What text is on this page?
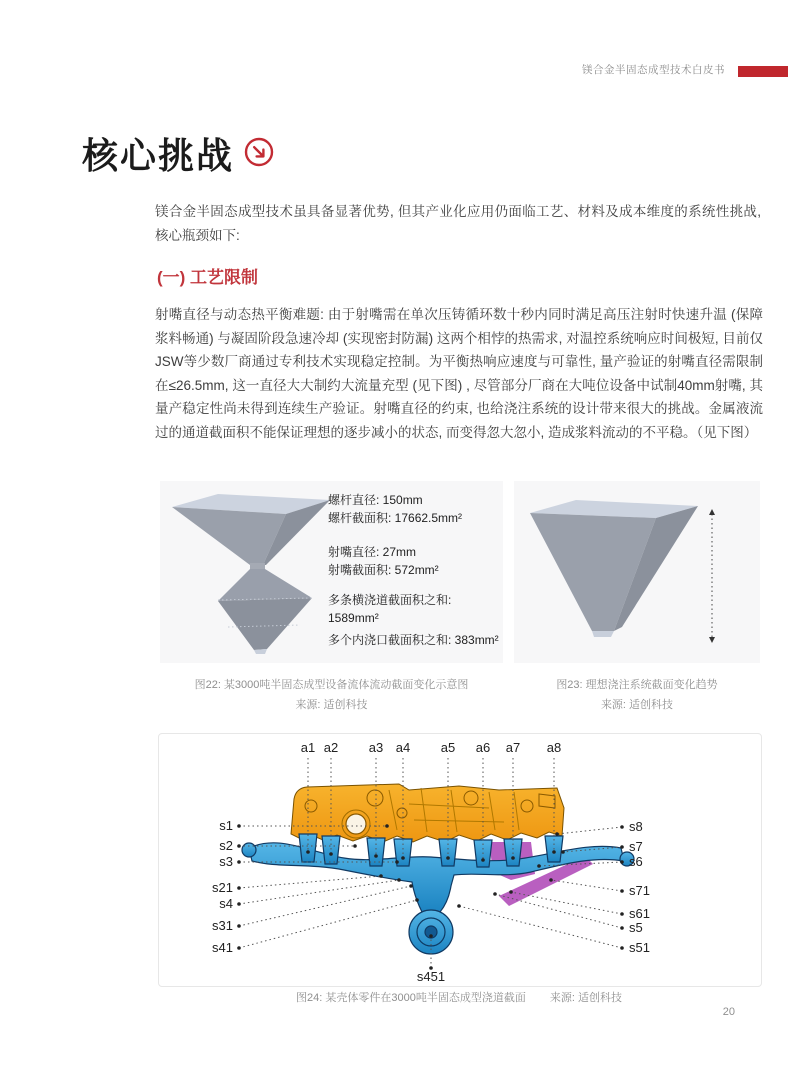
镁合金半固态成型技术白皮书
核心挑战
镁合金半固态成型技术虽具备显著优势, 但其产业化应用仍面临工艺、材料及成本维度的系统性挑战, 核心瓶颈如下:
(一) 工艺限制
射嘴直径与动态热平衡难题: 由于射嘴需在单次压铸循环数十秒内同时满足高压注射时快速升温 (保障浆料畅通) 与凝固阶段急速冷却 (实现密封防漏) 这两个相悖的热需求, 对温控系统响应时间极短, 目前仅JSW等少数厂商通过专利技术实现稳定控制。为平衡热响应速度与可靠性, 量产验证的射嘴直径需限制在≤26.5mm, 这一直径大大制约大流量充型 (见下图) , 尽管部分厂商在大吨位设备中试制40mm射嘴, 其量产稳定性尚未得到连续生产验证。射嘴直径的约束, 也给浇注系统的设计带来很大的挑战。金属液流过的通道截面积不能保证理想的逐步减小的状态, 而变得忽大忽小, 造成浆料流动的不平稳。（见下图）
螺杆直径: 150mm
螺杆截面积: 17662.5mm²
射嘴直径: 27mm
射嘴截面积: 572mm²
多条横浇道截面积之和: 1589mm²
多个内浇口截面积之和: 383mm²
图22: 某3000吨半固态成型设备流体流动截面变化示意图
来源: 适创科技
图23: 理想浇注系统截面变化趋势
来源: 适创科技
a1 a2 a3 a4 a5 a6 a7 a8
s1
s2
s3
s21
s4
s31
s41
s8
s7
s6
s71
s61
s5
s51
s451
图24: 某壳体零件在3000吨半固态成型浇道截面 来源: 适创科技
20
